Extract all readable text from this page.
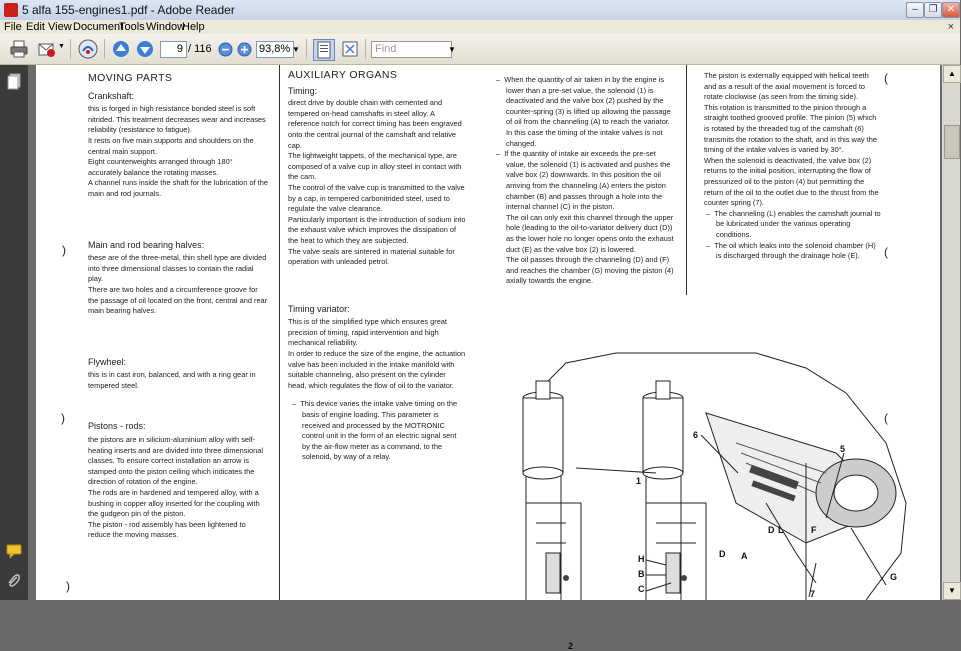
5 alfa 155-engines1.pdf - Adobe Reader	–	❐ ✕
File Edit View Document
Tools Window
Help	×
▼	9 / 116	93,8% ▼	Find	▼
MOVING PARTS
Crankshaft:

this is forged in high resistance bonded steel is soft nitrided. This treatment decreases wear and increases reliability (resistance to fatigue).

It rests on five main supports and shoulders on the central main support.

Eight counterweights arranged through 180° accurately balance the rotating masses.

A channel runs inside the shaft for the lubrication of the main and rod journals.

Main and rod bearing halves:

these are of the three-metal, thin shell type are divided into three dimensional classes to contain the radial play.

There are two holes and a circumference groove for the passage of oil located on the front, central and rear main bearing halves.

Flywheel:

this is in cast iron, balanced, and with a ring gear in tempered steel.

Pistons - rods:

the pistons are in silicium-aluminium alloy with self-heating inserts and are divided into three dimensional classes. To ensure correct installation an arrow is stamped onto the piston ceiling which indicates the direction of rotation of the engine.

The rods are in hardened and tempered alloy, with a bushing in copper alloy inserted for the coupling with the gudgeon pin of the piston.

The piston - rod assembly has been lightened to reduce the moving masses.

AUXILIARY ORGANS
Timing:

direct drive by double chain with cemented and tempered on-head camshafts in steel alloy. A reference notch for correct timing has been engraved onto the central journal of the camshaft and relative cap.

The lightweight tappets, of the mechanical type, are composed of a valve cup in alloy steel in contact with the cam.

The control of the valve cup is transmitted to the valve by a cap, in tempered carbonitrided steel, used to regulate the valve clearance.

Particularly important is the introduction of sodium into the exhaust valve which improves the dissipation of the heat to which they are subjected.

The valve seals are sintered in material suitable for operation with unleaded petrol.

Timing variator:

This is of the simplified type which ensures great precision of timing, rapid intervention and high mechanical reliability.

In order to reduce the size of the engine, the actuation valve has been included in the intake manifold with suitable channeling, also present on the cylinder head, which regulates the flow of oil to the variator.

–  This device varies the intake valve timing on the basis of engine loading. This parameter is received and processed by the MOTRONIC control unit in the form of an electric signal sent by the air-flow meter as a command, to the solenoid, by way of a relay.

–  When the quantity of air taken in by the engine is lower than a pre-set value, the solenoid (1) is deactivated and the valve box (2) pushed by the counter-spring (3) is lifted up allowing the passage of oil from the channeling (A) to reach the variator.

In this case the timing of the intake valves is not changed.

–  If the quantity of intake air exceeds the pre-set value, the solenoid (1) is activated and pushes the valve box (2) downwards. In this position the oil arriving from the channeling (A) enters the piston chamber (B) and passes through a hole into the internal channel (C) in the piston.

The oil can only exit this channel through the upper hole (leading to the oil-to-variator delivery duct (D)) as the lower hole no longer opens onto the exhaust duct (E) as the valve box (2) is lowered.

The oil passes through the channeling (D) and (F) and reaches the chamber (G) moving the piston (4) axially towards the engine.

The piston is externally equipped with helical teeth and as a result of the axial movement is forced to rotate clockwise (as seen from the timing side).

This rotation is transmitted to the pinion through a straight toothed grooved profile. The pinion (5) which is rotated by the threaded tug of the camshaft (6) transmits the rotation to the shaft, and in this way the timing of the intake valves is varied by 30°.

When the solenoid is deactivated, the valve box (2) returns to the initial position, interrupting the flow of pressurized oil to the piston (4) but permitting the return of the oil to the outlet due to the thrust from the counter spring (7).

–  The channeling (L) enables the camshaft journal to be lubricated under the various operating conditions.

–  The oil which leaks into the solenoid chamber (H) is discharged through the drainage hole (E).

)
)
)
(
(
(
1
6
5
H
B
C
2
D L
A
D
F
G
7
▲
▼
